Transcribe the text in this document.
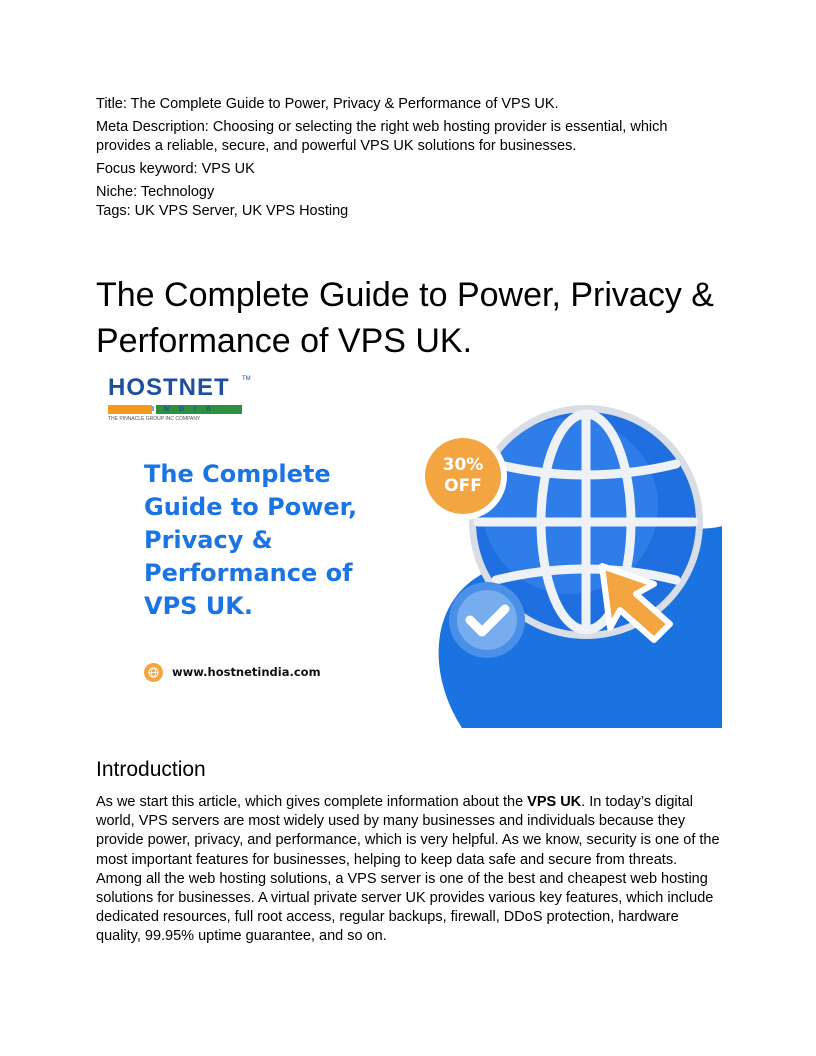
Title: The Complete Guide to Power, Privacy & Performance of VPS UK.

Meta Description: Choosing or selecting the right web hosting provider is essential, which provides a reliable, secure, and powerful VPS UK solutions for businesses.

Focus keyword: VPS UK

Niche: Technology

Tags: UK VPS Server, UK VPS Hosting

The Complete Guide to Power, Privacy & Performance of VPS UK.
HOSTNET TM
INDIA
THE PINNACLE GROUP INC COMPANY
The Complete Guide to Power, Privacy & Performance of VPS UK.
www.hostnetindia.com
30%
OFF
Introduction

As we start this article, which gives complete information about the VPS UK. In today’s digital world, VPS servers are most widely used by many businesses and individuals because they provide power, privacy, and performance, which is very helpful. As we know, security is one of the most important features for businesses, helping to keep data safe and secure from threats. Among all the web hosting solutions, a VPS server is one of the best and cheapest web hosting solutions for businesses. A virtual private server UK provides various key features, which include dedicated resources, full root access, regular backups, firewall, DDoS protection, hardware quality, 99.95% uptime guarantee, and so on.
